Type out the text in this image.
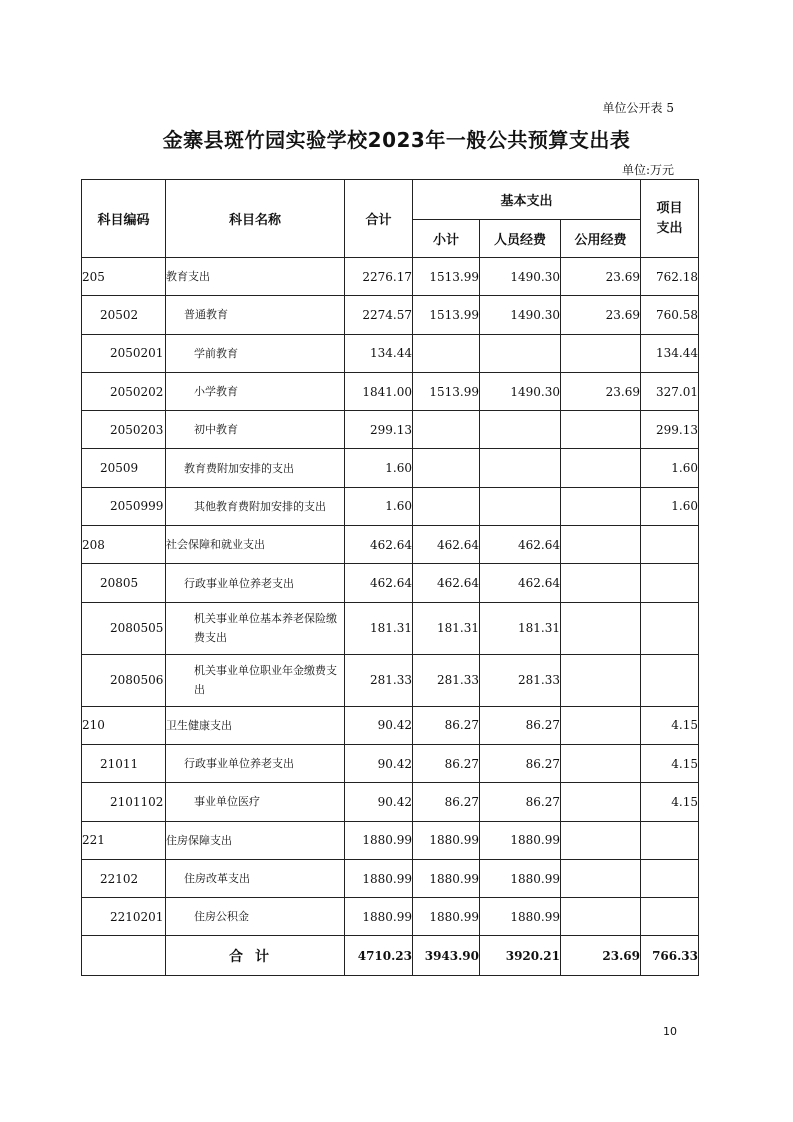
单位公开表 5
金寨县斑竹园实验学校2023年一般公共预算支出表
单位:万元
科目编码	科目名称	合计	基本支出			项目
支出
			小计	人员经费	公用经费	
205	教育支出	2276.17	1513.99	1490.30	23.69	762.18
20502	普通教育	2274.57	1513.99	1490.30	23.69	760.58
2050201	学前教育	134.44				134.44
2050202	小学教育	1841.00	1513.99	1490.30	23.69	327.01
2050203	初中教育	299.13				299.13
20509	教育费附加安排的支出	1.60				1.60
2050999	其他教育费附加安排的支出	1.60				1.60
208	社会保障和就业支出	462.64	462.64	462.64		
20805	行政事业单位养老支出	462.64	462.64	462.64		
2080505	机关事业单位基本养老保险缴费支出	181.31	181.31	181.31		
2080506	机关事业单位职业年金缴费支出	281.33	281.33	281.33		
210	卫生健康支出	90.42	86.27	86.27		4.15
21011	行政事业单位养老支出	90.42	86.27	86.27		4.15
2101102	事业单位医疗	90.42	86.27	86.27		4.15
221	住房保障支出	1880.99	1880.99	1880.99		
22102	住房改革支出	1880.99	1880.99	1880.99		
2210201	住房公积金	1880.99	1880.99	1880.99		
	合计	4710.23	3943.90	3920.21	23.69	766.33
10
